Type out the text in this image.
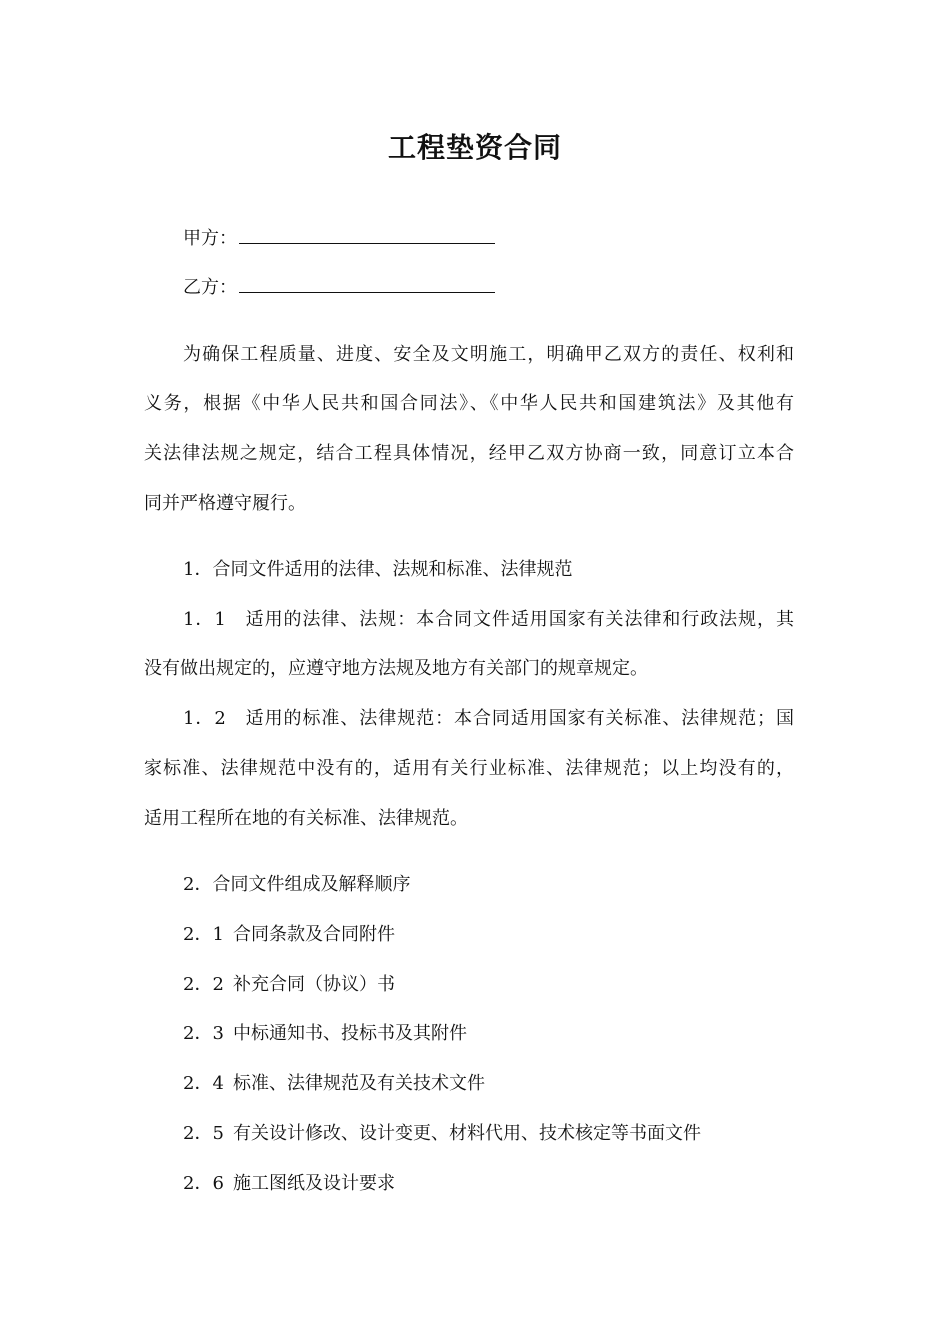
工程垫资合同
甲方：
乙方：
为确保工程质量、进度、安全及文明施工，明确甲乙双方的责任、权利和
义务，根据《中华人民共和国合同法》、《中华人民共和国建筑法》及其他有
关法律法规之规定，结合工程具体情况，经甲乙双方协商一致，同意订立本合
同并严格遵守履行。
1．合同文件适用的法律、法规和标准、法律规范
1．1　适用的法律、法规：本合同文件适用国家有关法律和行政法规，其
没有做出规定的，应遵守地方法规及地方有关部门的规章规定。
1．2　适用的标准、法律规范：本合同适用国家有关标准、法律规范；国
家标准、法律规范中没有的，适用有关行业标准、法律规范；以上均没有的，
适用工程所在地的有关标准、法律规范。
2．合同文件组成及解释顺序
2．1 合同条款及合同附件
2．2 补充合同（协议）书
2．3 中标通知书、投标书及其附件
2．4 标准、法律规范及有关技术文件
2．5 有关设计修改、设计变更、材料代用、技术核定等书面文件
2．6 施工图纸及设计要求
